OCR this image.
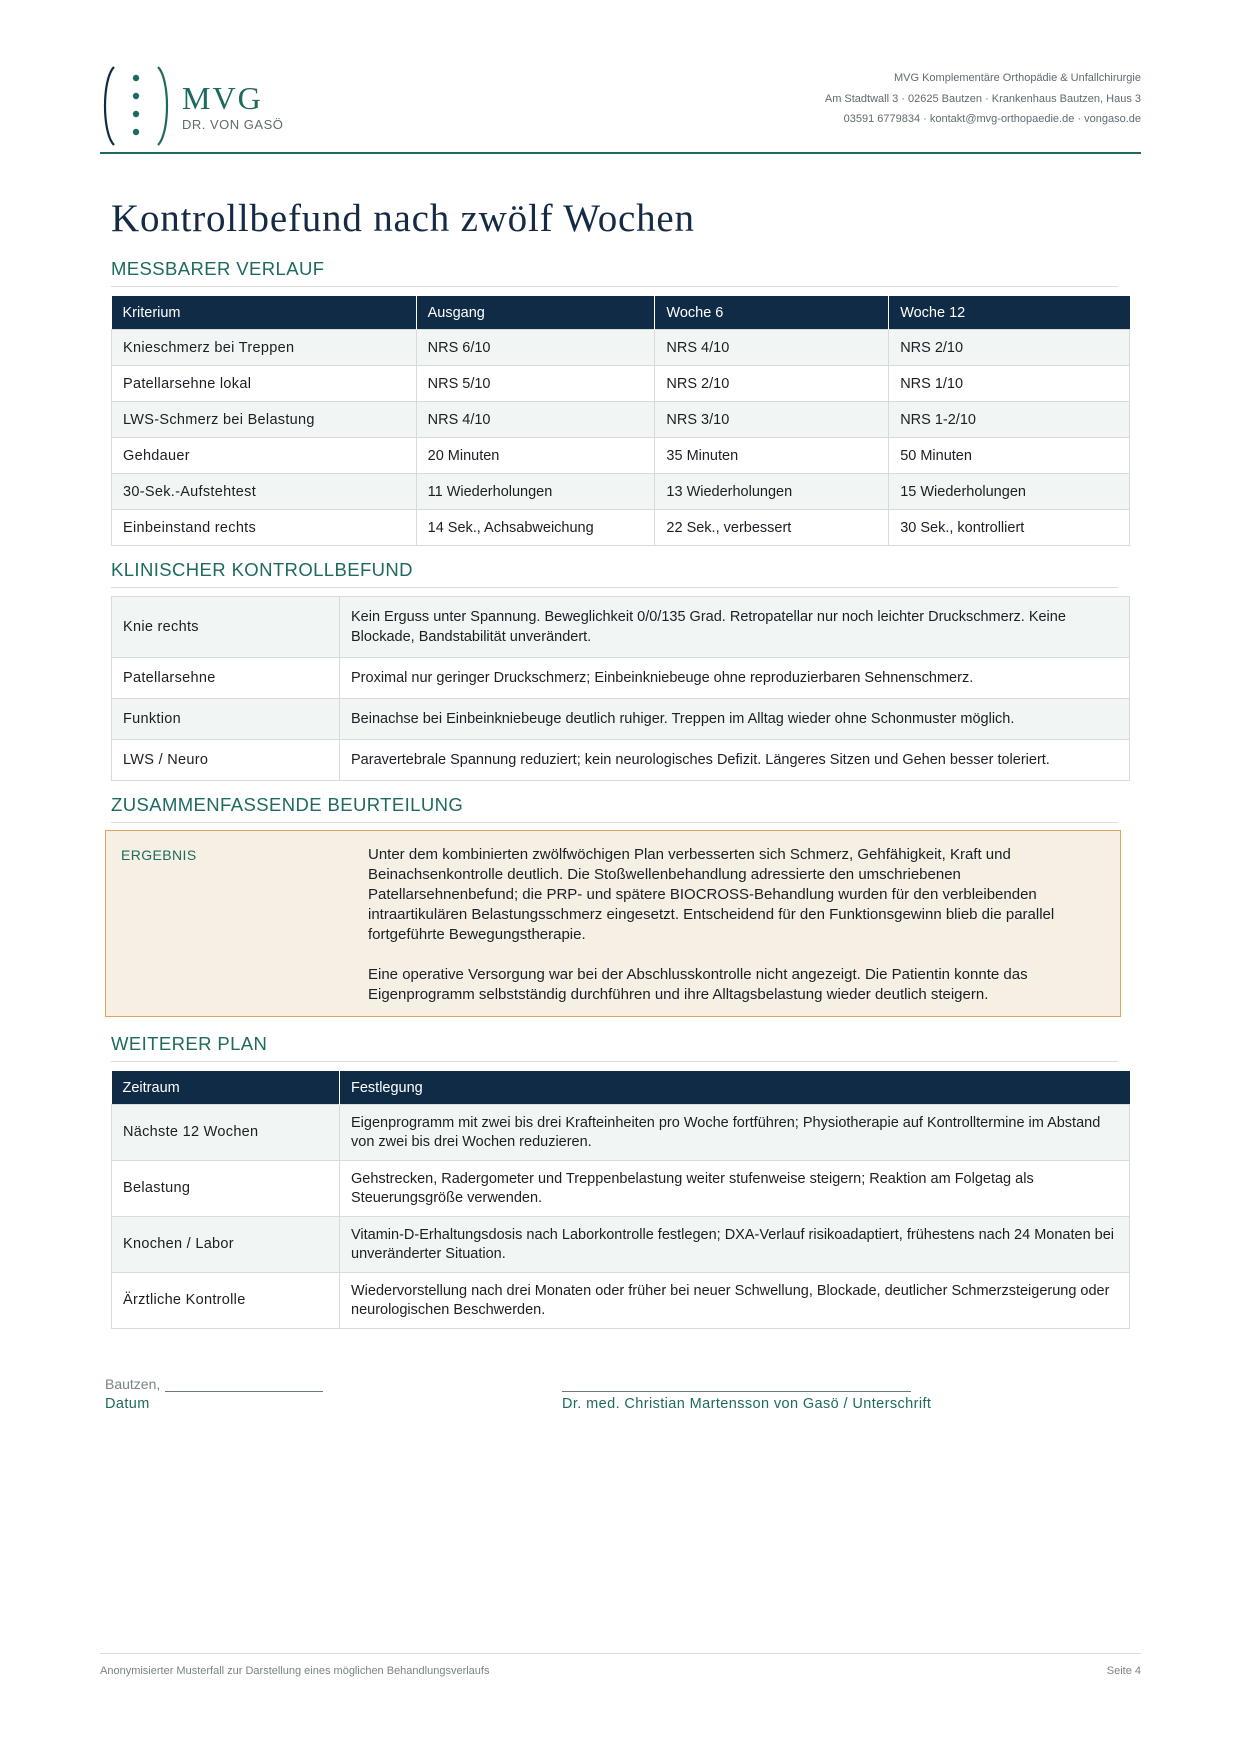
MVG
DR. VON GASÖ
MVG Komplementäre Orthopädie & Unfallchirurgie
Am Stadtwall 3 · 02625 Bautzen · Krankenhaus Bautzen, Haus 3
03591 6779834 · kontakt@mvg-orthopaedie.de · vongaso.de
Kontrollbefund nach zwölf Wochen
MESSBARER VERLAUF
Kriterium	Ausgang	Woche 6	Woche 12
Knieschmerz bei Treppen	NRS 6/10	NRS 4/10	NRS 2/10
Patellarsehne lokal	NRS 5/10	NRS 2/10	NRS 1/10
LWS-Schmerz bei Belastung	NRS 4/10	NRS 3/10	NRS 1-2/10
Gehdauer	20 Minuten	35 Minuten	50 Minuten
30-Sek.-Aufstehtest	11 Wiederholungen	13 Wiederholungen	15 Wiederholungen
Einbeinstand rechts	14 Sek., Achsabweichung	22 Sek., verbessert	30 Sek., kontrolliert
KLINISCHER KONTROLLBEFUND
Knie rechts	Kein Erguss unter Spannung. Beweglichkeit 0/0/135 Grad. Retropatellar nur noch leichter Druckschmerz. Keine Blockade, Bandstabilität unverändert.
Patellarsehne	Proximal nur geringer Druckschmerz; Einbeinkniebeuge ohne reproduzierbaren Sehnenschmerz.
Funktion	Beinachse bei Einbeinkniebeuge deutlich ruhiger. Treppen im Alltag wieder ohne Schonmuster möglich.
LWS / Neuro	Paravertebrale Spannung reduziert; kein neurologisches Defizit. Längeres Sitzen und Gehen besser toleriert.
ZUSAMMENFASSENDE BEURTEILUNG
ERGEBNIS	Unter dem kombinierten zwölfwöchigen Plan verbesserten sich Schmerz, Gehfähigkeit, Kraft und Beinachsenkontrolle deutlich. Die Stoßwellenbehandlung adressierte den umschriebenen Patellarsehnenbefund; die PRP- und spätere BIOCROSS-Behandlung wurden für den verbleibenden intraartikulären Belastungsschmerz eingesetzt. Entscheidend für den Funktionsgewinn blieb die parallel fortgeführte Bewegungstherapie.

Eine operative Versorgung war bei der Abschlusskontrolle nicht angezeigt. Die Patientin konnte das Eigenprogramm selbstständig durchführen und ihre Alltagsbelastung wieder deutlich steigern.

WEITERER PLAN
Zeitraum	Festlegung
Nächste 12 Wochen	Eigenprogramm mit zwei bis drei Krafteinheiten pro Woche fortführen; Physiotherapie auf Kontrolltermine im Abstand von zwei bis drei Wochen reduzieren.
Belastung	Gehstrecken, Radergometer und Treppenbelastung weiter stufenweise steigern; Reaktion am Folgetag als Steuerungsgröße verwenden.
Knochen / Labor	Vitamin-D-Erhaltungsdosis nach Laborkontrolle festlegen; DXA-Verlauf risikoadaptiert, frühestens nach 24 Monaten bei unveränderter Situation.
Ärztliche Kontrolle	Wiedervorstellung nach drei Monaten oder früher bei neuer Schwellung, Blockade, deutlicher Schmerzsteigerung oder neurologischen Beschwerden.
Bautzen,
Datum	Dr. med. Christian Martensson von Gasö / Unterschrift
Anonymisierter Musterfall zur Darstellung eines möglichen Behandlungsverlaufs	Seite 4
